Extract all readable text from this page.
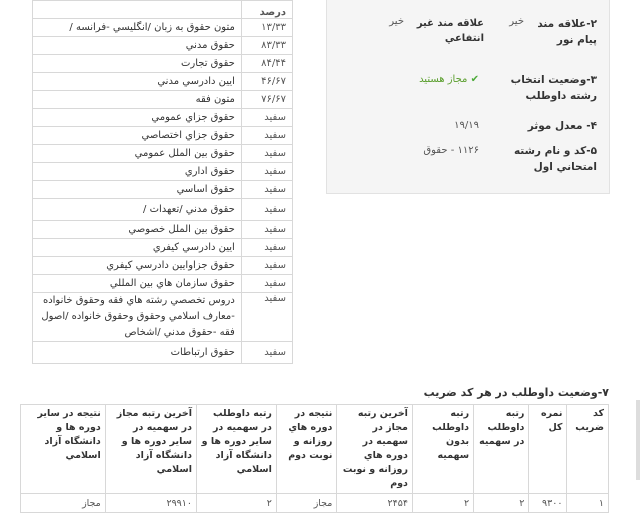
درصد	
۱۳/۳۳	متون حقوق به زبان /انگليسي -فرانسه /
۸۳/۳۳	حقوق مدني
۸۴/۴۴	حقوق تجارت
۴۶/۶۷	ايين دادرسي مدني
۷۶/۶۷	متون فقه
سفيد	حقوق جزاي عمومي
سفيد	حقوق جزاي اختصاصي
سفيد	حقوق بين الملل عمومي
سفيد	حقوق اداري
سفيد	حقوق اساسي
سفيد	حقوق مدني /تعهدات /
سفيد	حقوق بين الملل خصوصي
سفيد	ايين دادرسي كيفري
سفيد	حقوق جزاوايين دادرسي كيفري
سفيد	حقوق سازمان هاي بين المللي
سفيد	دروس تخصصي رشته هاي فقه وحقوق خانواده -معارف اسلامي وحقوق وحقوق خانواده /اصول فقه -حقوق مدني /اشخاص
سفيد	حقوق ارتباطات
۲-علاقه مند پيام نور
خير
علاقه مند غير انتفاعي
خير
۳-وضعيت انتخاب رشته داوطلب
✔ مجاز هستيد
۴- معدل موثر
۱۹/۱۹
۵-كد و نام رشته امتحاني اول
۱۱۲۶ - حقوق
۷-وضعيت داوطلب در هر كد ضريب
كد ضريب	نمره كل	رتبه داوطلب در سهميه	رتبه داوطلب بدون سهميه	آخرين رتبه مجاز در سهميه در دوره هاي روزانه و نوبت دوم	نتيجه در دوره هاي روزانه و نوبت دوم	رتبه داوطلب در سهميه در ساير دوره ها و دانشگاه آزاد اسلامي	آخرين رتبه مجاز در سهميه در ساير دوره ها و دانشگاه آزاد اسلامي	نتيجه در ساير دوره ها و دانشگاه آزاد اسلامي
۱	۹۳۰۰	۲	۲	۲۴۵۴	مجاز	۲	۲۹۹۱۰	مجاز
